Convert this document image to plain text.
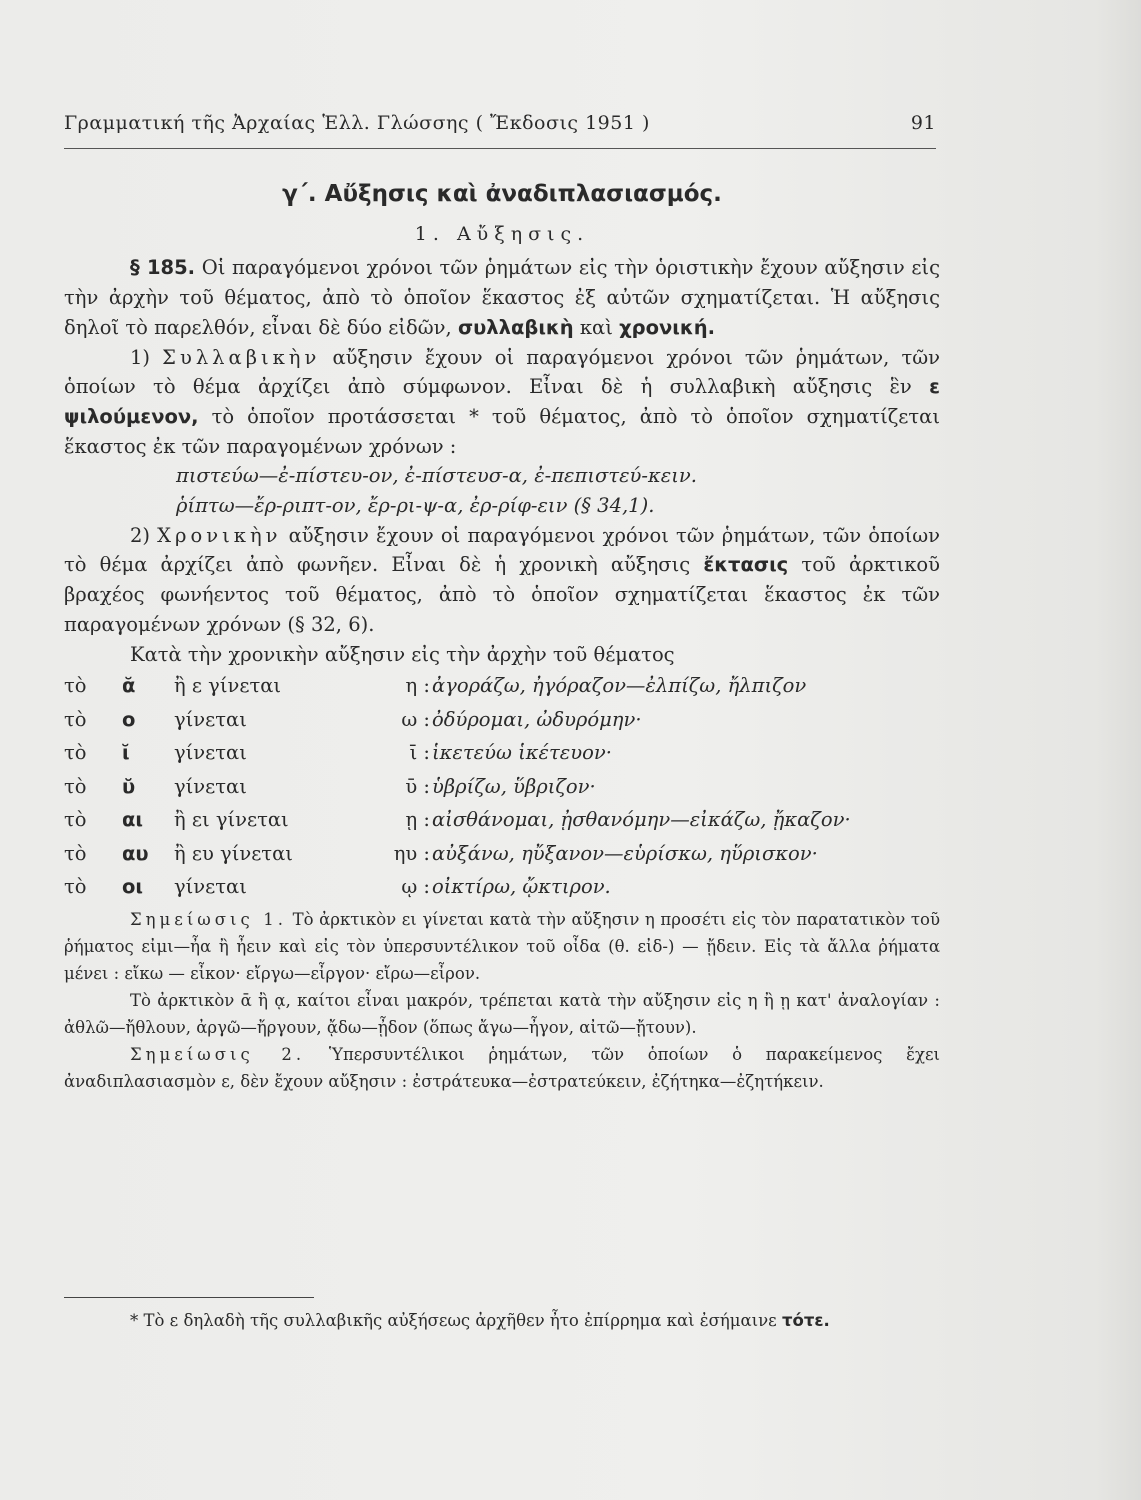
Γραμματική τῆς Ἀρχαίας Ἑλλ. Γλώσσης ( Ἔκδοσις 1951 )	91
γ΄. Αὔξησις καὶ ἀναδιπλασιασμός.
1. Αὔξησις.

§ 185. Οἱ παραγόμενοι χρόνοι τῶν ῥημάτων εἰς τὴν ὁριστικὴν ἔχουν αὔξησιν εἰς τὴν ἀρχὴν τοῦ θέματος, ἀπὸ τὸ ὁποῖον ἕκαστος ἐξ αὐτῶν σχηματίζεται. Ἡ αὔξησις δηλοῖ τὸ παρελθόν, εἶναι δὲ δύο εἰδῶν, συλλαβικὴ καὶ χρονική.

1) Συλλαβικὴν αὔξησιν ἔχουν οἱ παραγόμενοι χρόνοι τῶν ῥημάτων, τῶν ὁποίων τὸ θέμα ἀρχίζει ἀπὸ σύμφωνον. Εἶναι δὲ ἡ συλλαβικὴ αὔξησις ἓν ε ψιλούμενον, τὸ ὁποῖον προτάσσεται * τοῦ θέματος, ἀπὸ τὸ ὁποῖον σχηματίζεται ἕκαστος ἐκ τῶν παραγομένων χρόνων :

πιστεύω—ἐ-πίστευ-ον, ἐ-πίστευσ-α, ἐ-πεπιστεύ-κειν.
ῥίπτω—ἔρ-ριπτ-ον, ἔρ-ρι-ψ-α, ἐρ-ρίφ-ειν (§ 34,1).

2) Χρονικὴν αὔξησιν ἔχουν οἱ παραγόμενοι χρόνοι τῶν ῥημάτων, τῶν ὁποίων τὸ θέμα ἀρχίζει ἀπὸ φωνῆεν. Εἶναι δὲ ἡ χρονικὴ αὔξησις ἔκτασις τοῦ ἀρκτικοῦ βραχέος φωνήεντος τοῦ θέματος, ἀπὸ τὸ ὁποῖον σχηματίζεται ἕκαστος ἐκ τῶν παραγομένων χρόνων (§ 32, 6).

Κατὰ τὴν χρονικὴν αὔξησιν εἰς τὴν ἀρχὴν τοῦ θέματος

τὸ ᾰ ἢ ε γίνεται	η : ἀγοράζω, ἠγόραζον—ἐλπίζω, ἤλπιζον
τὸ ο γίνεται	ω : ὀδύρομαι, ὠδυρόμην·
τὸ ῐ γίνεται	ῑ : ἱκετεύω ἱκέτευον·
τὸ ῠ γίνεται	ῡ : ὑβρίζω, ὕβριζον·
τὸ αι ἢ ει γίνεται	ῃ : αἰσθάνομαι, ᾐσθανόμην—εἰκάζω, ᾔκαζον·
τὸ αυ ἢ ευ γίνεται	ηυ : αὐξάνω, ηὔξανον—εὑρίσκω, ηὕρισκον·
τὸ οι γίνεται	ῳ : οἰκτίρω, ᾤκτιρον.

Σημείωσις 1. Τὸ ἀρκτικὸν ει γίνεται κατὰ τὴν αὔξησιν η προσέτι εἰς τὸν παρατατικὸν τοῦ ῥήματος εἰμι—ἦα ἢ ἦειν καὶ εἰς τὸν ὑπερσυντέλικον τοῦ οἶδα (θ. εἰδ-) — ᾔδειν. Εἰς τὰ ἄλλα ῥήματα μένει : εἴκω — εἶκον· εἴργω—εἶργον· εἴρω—εἶρον.

Τὸ ἀρκτικὸν ᾱ ἢ ᾳ, καίτοι εἶναι μακρόν, τρέπεται κατὰ τὴν αὔξησιν εἰς η ἢ ῃ κατ' ἀναλογίαν : ἀθλῶ—ἤθλουν, ἀργῶ—ἤργουν, ᾄδω—ᾖδον (ὅπως ἄγω—ἦγον, αἰτῶ—ᾔτουν).

Σημείωσις 2. Ὑπερσυντέλικοι ῥημάτων, τῶν ὁποίων ὁ παρακείμενος ἔχει ἀναδιπλασιασμὸν ε, δὲν ἔχουν αὔξησιν : ἐστράτευκα—ἐστρατεύκειν, ἐζήτηκα—ἐζητήκειν.

* Τὸ ε δηλαδὴ τῆς συλλαβικῆς αὐξήσεως ἀρχῆθεν ἦτο ἐπίρρημα καὶ ἐσήμαινε τότε.
